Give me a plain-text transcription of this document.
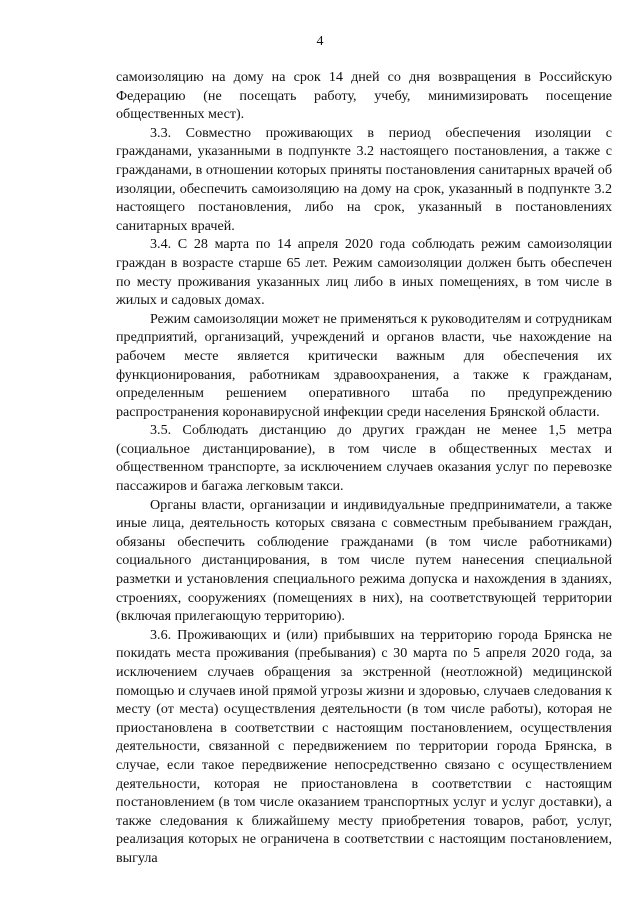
4

самоизоляцию на дому на срок 14 дней со дня возвращения в Российскую Федерацию (не посещать работу, учебу, минимизировать посещение общественных мест).

3.3. Совместно проживающих в период обеспечения изоляции с гражданами, указанными в подпункте 3.2 настоящего постановления, а также с гражданами, в отношении которых приняты постановления санитарных врачей об изоляции, обеспечить самоизоляцию на дому на срок, указанный в подпункте 3.2 настоящего постановления, либо на срок, указанный в постановлениях санитарных врачей.

3.4. С 28 марта по 14 апреля 2020 года соблюдать режим самоизоляции граждан в возрасте старше 65 лет. Режим самоизоляции должен быть обеспечен по месту проживания указанных лиц либо в иных помещениях, в том числе в жилых и садовых домах.

Режим самоизоляции может не применяться к руководителям и сотрудникам предприятий, организаций, учреждений и органов власти, чье нахождение на рабочем месте является критически важным для обеспечения их функционирования, работникам здравоохранения, а также к гражданам, определенным решением оперативного штаба по предупреждению распространения коронавирусной инфекции среди населения Брянской области.

3.5. Соблюдать дистанцию до других граждан не менее 1,5 метра (социальное дистанцирование), в том числе в общественных местах и общественном транспорте, за исключением случаев оказания услуг по перевозке пассажиров и багажа легковым такси.

Органы власти, организации и индивидуальные предприниматели, а также иные лица, деятельность которых связана с совместным пребыванием граждан, обязаны обеспечить соблюдение гражданами (в том числе работниками) социального дистанцирования, в том числе путем нанесения специальной разметки и установления специального режима допуска и нахождения в зданиях, строениях, сооружениях (помещениях в них), на соответствующей территории (включая прилегающую территорию).

3.6. Проживающих и (или) прибывших на территорию города Брянска не покидать места проживания (пребывания) с 30 марта по 5 апреля 2020 года, за исключением случаев обращения за экстренной (неотложной) медицинской помощью и случаев иной прямой угрозы жизни и здоровью, случаев следования к месту (от места) осуществления деятельности (в том числе работы), которая не приостановлена в соответствии с настоящим постановлением, осуществления деятельности, связанной с передвижением по территории города Брянска, в случае, если такое передвижение непосредственно связано с осуществлением деятельности, которая не приостановлена в соответствии с настоящим постановлением (в том числе оказанием транспортных услуг и услуг доставки), а также следования к ближайшему месту приобретения товаров, работ, услуг, реализация которых не ограничена в соответствии с настоящим постановлением, выгула
